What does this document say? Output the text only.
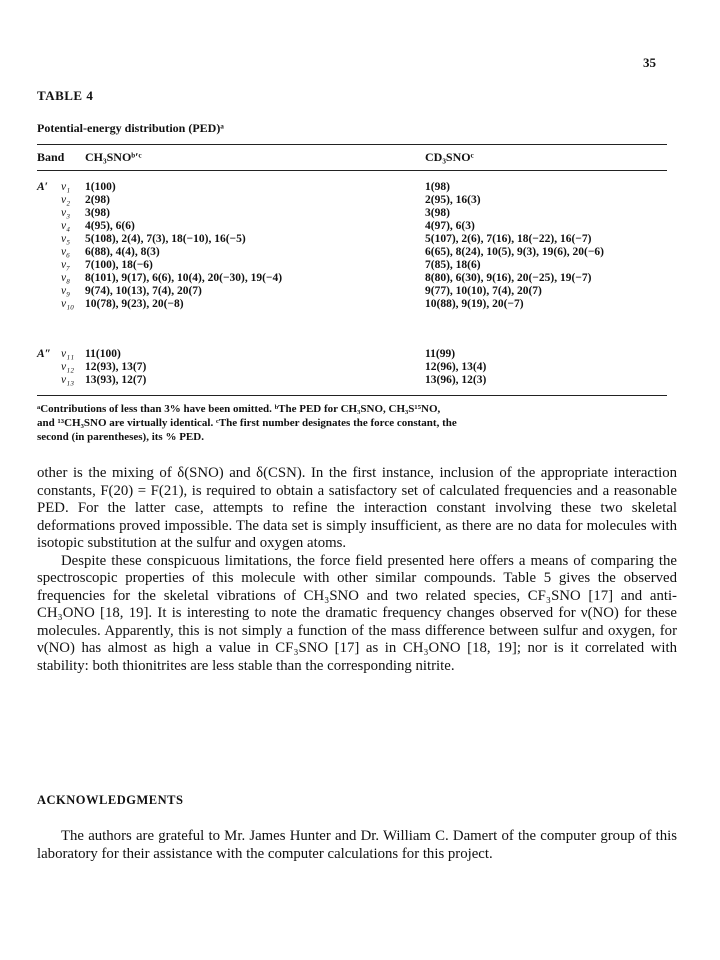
35
TABLE 4
Potential-energy distribution (PED)ᵃ
Band CH₃SNOᵇʹᶜ	CD₃SNOᶜ
A′ ν₁ 1(100)	1(98)
ν₂ 2(98)	2(95), 16(3)
ν₃ 3(98)	3(98)
ν₄ 4(95), 6(6)	4(97), 6(3)
ν₅ 5(108), 2(4), 7(3), 18(−10), 16(−5)	5(107), 2(6), 7(16), 18(−22), 16(−7)
ν₆ 6(88), 4(4), 8(3)	6(65), 8(24), 10(5), 9(3), 19(6), 20(−6)
ν₇ 7(100), 18(−6)	7(85), 18(6)
ν₈ 8(101), 9(17), 6(6), 10(4), 20(−30), 19(−4)	8(80), 6(30), 9(16), 20(−25), 19(−7)
ν₉ 9(74), 10(13), 7(4), 20(7)	9(77), 10(10), 7(4), 20(7)
ν₁₀ 10(78), 9(23), 20(−8)	10(88), 9(19), 20(−7)
A″ ν₁₁ 11(100)	11(99)
ν₁₂ 12(93), 13(7)	12(96), 13(4)
ν₁₃ 13(93), 12(7)	13(96), 12(3)
ᵃContributions of less than 3% have been omitted. ᵇThe PED for CH₃SNO, CH₃S¹⁵NO,
and ¹³CH₃SNO are virtually identical. ᶜThe first number designates the force constant, the
second (in parentheses), its % PED.

other is the mixing of δ(SNO) and δ(CSN). In the first instance, inclusion of the appropriate interaction constants, F(20) = F(21), is required to obtain a satisfactory set of calculated frequencies and a reasonable PED. For the latter case, attempts to refine the interaction constant involving these two skeletal deformations proved impossible. The data set is simply insufficient, as there are no data for molecules with isotopic substitution at the sulfur and oxygen atoms.

Despite these conspicuous limitations, the force field presented here offers a means of comparing the spectroscopic properties of this molecule with other similar compounds. Table 5 gives the observed frequencies for the skeletal vibrations of CH₃SNO and two related species, CF₃SNO [17] and anti-CH₃ONO [18, 19]. It is interesting to note the dramatic frequency changes observed for ν(NO) for these molecules. Apparently, this is not simply a function of the mass difference between sulfur and oxygen, for ν(NO) has almost as high a value in CF₃SNO [17] as in CH₃ONO [18, 19]; nor is it correlated with stability: both thionitrites are less stable than the corresponding nitrite.

ACKNOWLEDGMENTS

The authors are grateful to Mr. James Hunter and Dr. William C. Damert of the computer group of this laboratory for their assistance with the computer calculations for this project.
